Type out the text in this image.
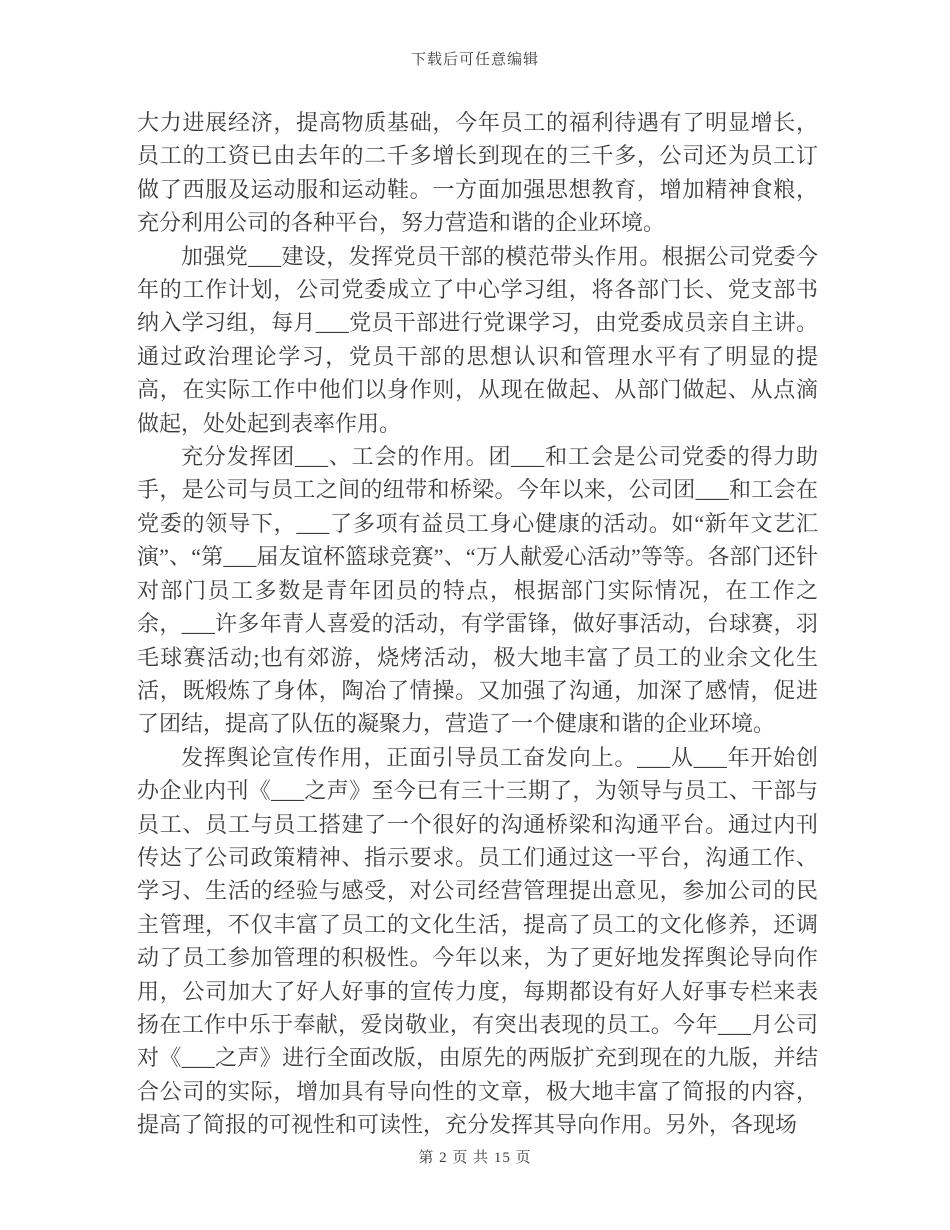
下载后可任意编辑

大力进展经济，提高物质基础，今年员工的福利待遇有了明显增长，员工的工资已由去年的二千多增长到现在的三千多，公司还为员工订做了西服及运动服和运动鞋。一方面加强思想教育，增加精神食粮，充分利用公司的各种平台，努力营造和谐的企业环境。

加强党___建设，发挥党员干部的模范带头作用。根据公司党委今年的工作计划，公司党委成立了中心学习组，将各部门长、党支部书纳入学习组，每月___党员干部进行党课学习，由党委成员亲自主讲。通过政治理论学习，党员干部的思想认识和管理水平有了明显的提高，在实际工作中他们以身作则，从现在做起、从部门做起、从点滴做起，处处起到表率作用。

充分发挥团___、工会的作用。团___和工会是公司党委的得力助手，是公司与员工之间的纽带和桥梁。今年以来，公司团___和工会在党委的领导下，___了多项有益员工身心健康的活动。如“新年文艺汇演”、“第___届友谊杯篮球竞赛”、“万人献爱心活动”等等。各部门还针对部门员工多数是青年团员的特点，根据部门实际情况，在工作之余，___许多年青人喜爱的活动，有学雷锋，做好事活动，台球赛，羽毛球赛活动;也有郊游，烧烤活动，极大地丰富了员工的业余文化生活，既煅炼了身体，陶冶了情操。又加强了沟通，加深了感情，促进了团结，提高了队伍的凝聚力，营造了一个健康和谐的企业环境。

发挥舆论宣传作用，正面引导员工奋发向上。___从___年开始创办企业内刊《___之声》至今已有三十三期了，为领导与员工、干部与员工、员工与员工搭建了一个很好的沟通桥梁和沟通平台。通过内刊传达了公司政策精神、指示要求。员工们通过这一平台，沟通工作、学习、生活的经验与感受，对公司经营管理提出意见，参加公司的民主管理，不仅丰富了员工的文化生活，提高了员工的文化修养，还调动了员工参加管理的积极性。今年以来，为了更好地发挥舆论导向作用，公司加大了好人好事的宣传力度，每期都设有好人好事专栏来表扬在工作中乐于奉献，爱岗敬业，有突出表现的员工。今年___月公司对《___之声》进行全面改版，由原先的两版扩充到现在的九版，并结合公司的实际，增加具有导向性的文章，极大地丰富了简报的内容，提高了简报的可视性和可读性，充分发挥其导向作用。另外，各现场

第 2 页 共 15 页
